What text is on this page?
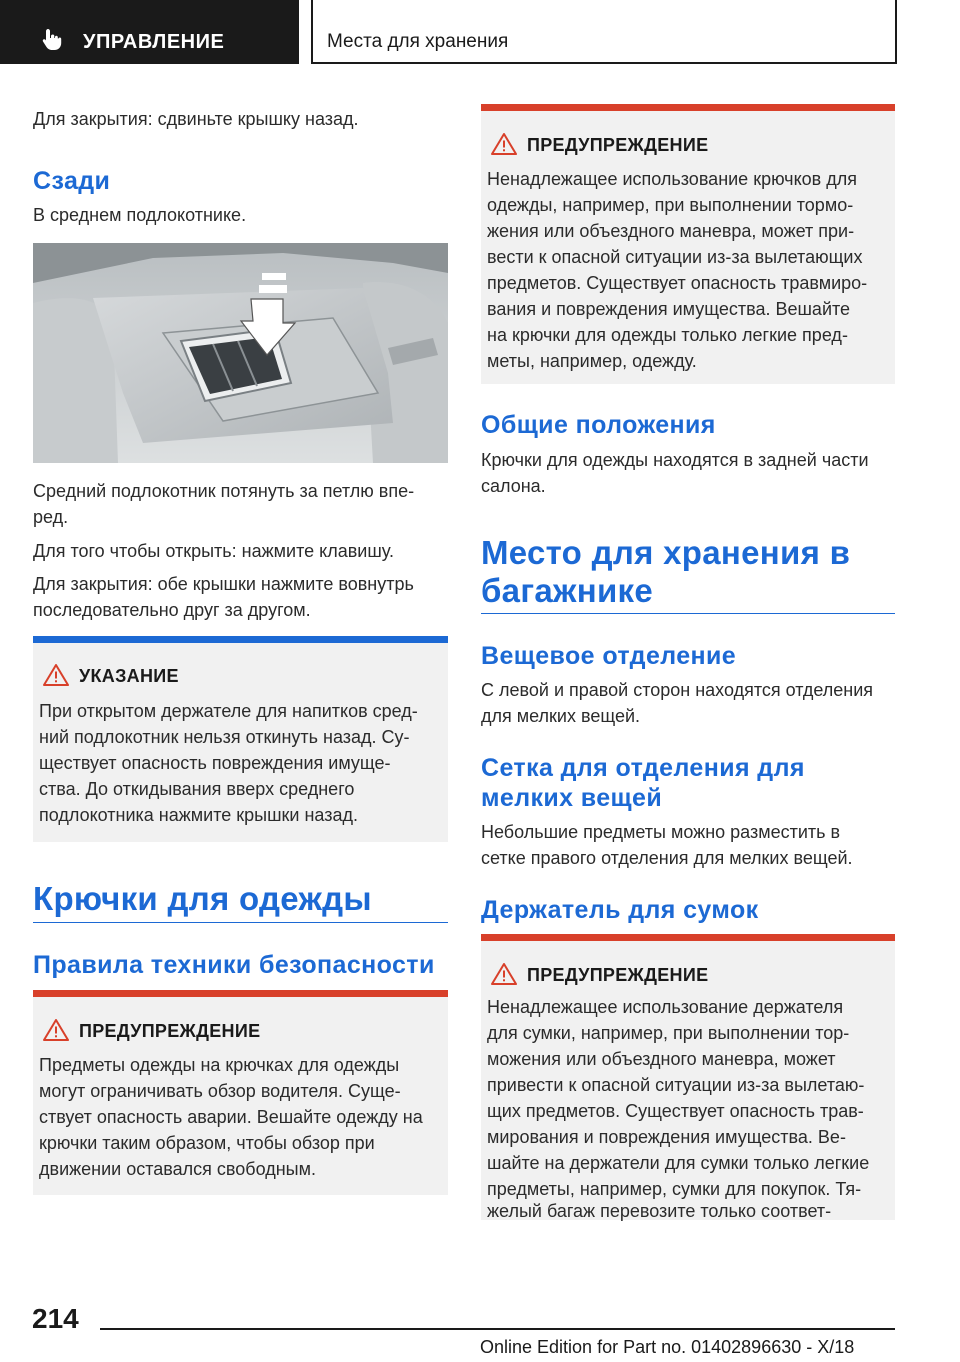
УПРАВЛЕНИЕ	Места для хранения
Для закрытия: сдвиньте крышку назад.
Сзади
В среднем подлокотнике.
Средний подлокотник потянуть за петлю впе-
ред.
Для того чтобы открыть: нажмите клавишу.
Для закрытия: обе крышки нажмите вовнутрь
последовательно друг за другом.
УКАЗАНИЕ
При открытом держателе для напитков сред-
ний подлокотник нельзя откинуть назад. Су-
ществует опасность повреждения имуще-
ства. До откидывания вверх среднего
подлокотника нажмите крышки назад.
Крючки для одежды
Правила техники безопасности
ПРЕДУПРЕЖДЕНИЕ
Предметы одежды на крючках для одежды
могут ограничивать обзор водителя. Суще-
ствует опасность аварии. Вешайте одежду на
крючки таким образом, чтобы обзор при
движении оставался свободным.
ПРЕДУПРЕЖДЕНИЕ
Ненадлежащее использование крючков для
одежды, например, при выполнении тормо-
жения или объездного маневра, может при-
вести к опасной ситуации из-за вылетающих
предметов. Существует опасность травмиро-
вания и повреждения имущества. Вешайте
на крючки для одежды только легкие пред-
меты, например, одежду.
Общие положения
Крючки для одежды находятся в задней части
салона.
Место для хранения в
багажнике
Вещевое отделение
С левой и правой сторон находятся отделения
для мелких вещей.
Сетка для отделения для
мелких вещей
Небольшие предметы можно разместить в
сетке правого отделения для мелких вещей.
Держатель для сумок
ПРЕДУПРЕЖДЕНИЕ
Ненадлежащее использование держателя
для сумки, например, при выполнении тор-
можения или объездного маневра, может
привести к опасной ситуации из-за вылетаю-
щих предметов. Существует опасность трав-
мирования и повреждения имущества. Ве-
шайте на держатели для сумки только легкие
предметы, например, сумки для покупок. Тя-
желый багаж перевозите только соответ-
214
Online Edition for Part no. 01402896630 - X/18
